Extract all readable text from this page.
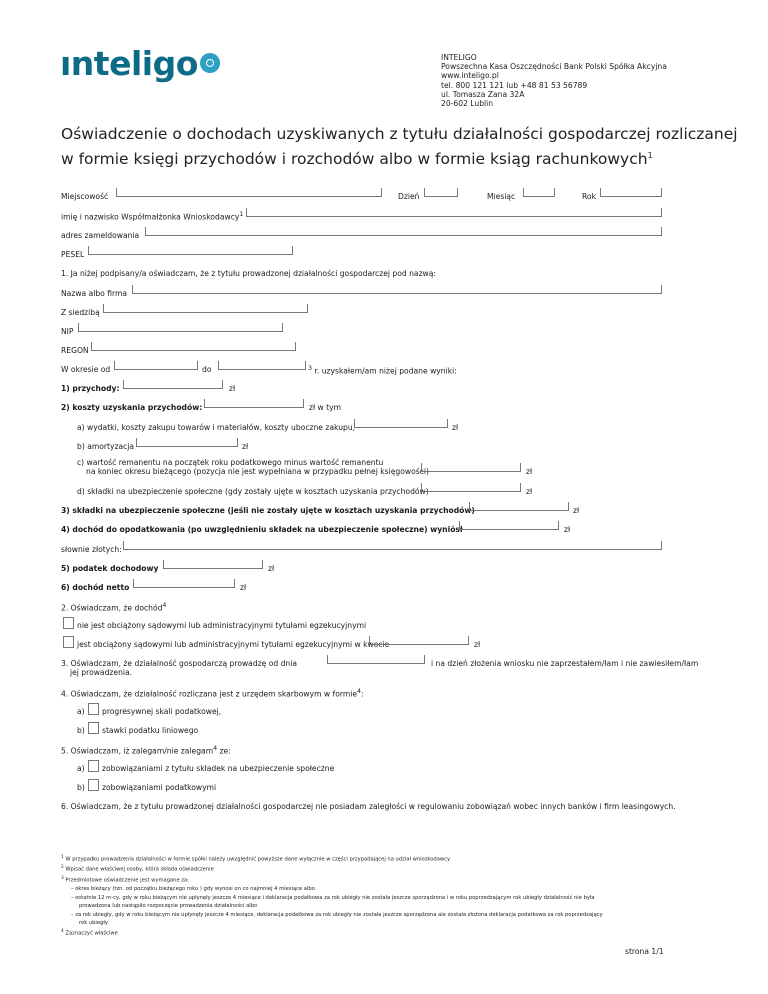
ınteligo	INTELIGO
Powszechna Kasa Oszczędności Bank Polski Spółka Akcyjna
www.inteligo.pl
tel. 800 121 121 lub +48 81 53 56789
ul. Tomasza Zana 32A
20-602 Lublin
Oświadczenie o dochodach uzyskiwanych z tytułu działalności gospodarczej rozliczanej
w formie księgi przychodów i rozchodów albo w formie ksiąg rachunkowych$^1$
Miejscowość	Dzień	Miesiąc	Rok
imię i nazwisko Współmałżonka Wnioskodawcy$^1$
adres zameldowania
PESEL
1. Ja niżej podpisany/a oświadczam, że z tytułu prowadzonej działalności gospodarczej pod nazwą:
Nazwa albo firma
Z siedzibą
NIP
REGON
W okresie od	do	$^3$ r. uzyskałem/am niżej podane wyniki:
1) przychody:	zł
2) koszty uzyskania przychodów:	zł w tym
a) wydatki, koszty zakupu towarów i materiałów, koszty uboczne zakupu,	zł
b) amortyzacja	zł
c) wartość remanentu na początek roku podatkowego minus wartość remanentu
na koniec okresu bieżącego (pozycja nie jest wypełniana w przypadku pełnej księgowości)	zł
d) składki na ubezpieczenie społeczne (gdy zostały ujęte w kosztach uzyskania przychodów)	zł
3) składki na ubezpieczenie społeczne (jeśli nie zostały ujęte w kosztach uzyskania przychodów)	zł
4) dochód do opodatkowania (po uwzględnieniu składek na ubezpieczenie społeczne) wyniósł	zł
słownie złotych:
5) podatek dochodowy	zł
6) dochód netto	zł
2. Oświadczam, że dochód$^4$
nie jest obciążony sądowymi lub administracyjnymi tytułami egzekucyjnymi
jest obciążony sądowymi lub administracyjnymi tytułami egzekucyjnymi w kwocie	zł
3. Oświadczam, że działalność gospodarczą prowadzę od dnia	i na dzień złożenia wniosku nie zaprzestałem/łam i nie zawiesiłem/łam
jej prowadzenia.
4. Oświadczam, że działalność rozliczana jest z urzędem skarbowym w formie$^4$:
a) progresywnej skali podatkowej,
b) stawki podatku liniowego
5. Oświadczam, iż zalegam/nie zalegam$^4$ ze:
a) zobowiązaniami z tytułu składek na ubezpieczenie społeczne
b) zobowiązaniami podatkowymi
6. Oświadczam, że z tytułu prowadzonej działalności gospodarczej nie posiadam zaległości w regulowaniu zobowiązań wobec innych banków i firm leasingowych.
$^1$ W przypadku prowadzenia działalności w formie spółki należy uwzględnić powyższe dane wyłącznie w części przypadającej na udział wnioskodawcy
$^2$ Wpisać dane właściwej osoby, która składa oświadczenie
$^3$ Przedmiotowe oświadczenie jest wymagane za:
– okres bieżący (tzn. od początku bieżącego roku ) gdy wynosi on co najmniej 4 miesiące albo
– ostatnie 12 m-cy, gdy w roku bieżącym nie upłynęły jeszcze 4 miesiące i deklaracja podatkowa za rok ubiegły nie została jeszcze sporządzona i w roku poprzedzającym rok ubiegły działalność nie była
prowadzona lub nastąpiło rozpoczęcie prowadzenia działalności albo
– za rok ubiegły, gdy w roku bieżącym nie upłynęły jeszcze 4 miesiące, deklaracja podatkowa za rok ubiegły nie została jeszcze sporządzona ale została złożona deklaracja podatkowa za rok poprzedzający
rok ubiegły
$^4$ Zaznaczyć właściwe
strona 1/1
